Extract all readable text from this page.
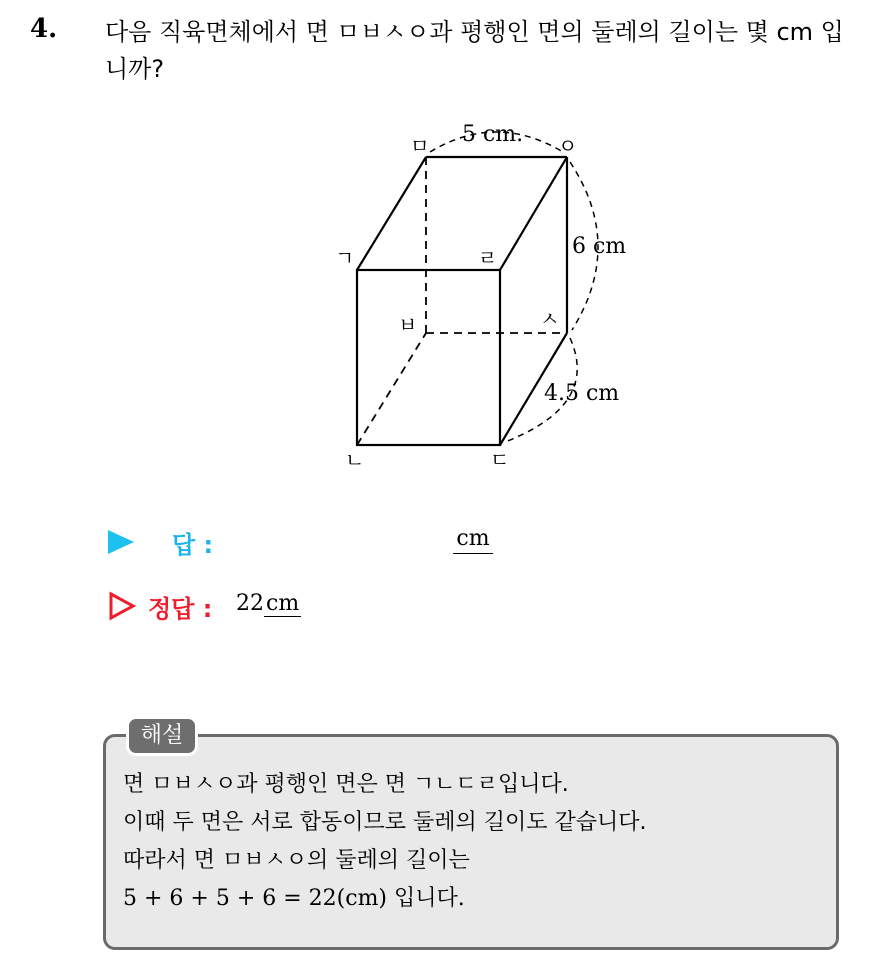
4. 다음 직육면체에서 면 ㅁㅂㅅㅇ과 평행인 면의 둘레의 길이는 몇 cm 입니까?
ㅁ	ㅇ
ㄱ	ㄹ
ㅂ	ㅅ
ㄴ	ㄷ
5 cm.
6 cm
4.5 cm
답 :	cm
정답 : 22cm
해설
면 ㅁㅂㅅㅇ과 평행인 면은 면 ㄱㄴㄷㄹ입니다.
이때 두 면은 서로 합동이므로 둘레의 길이도 같습니다.
따라서 면 ㅁㅂㅅㅇ의 둘레의 길이는
5 + 6 + 5 + 6 = 22(cm) 입니다.
